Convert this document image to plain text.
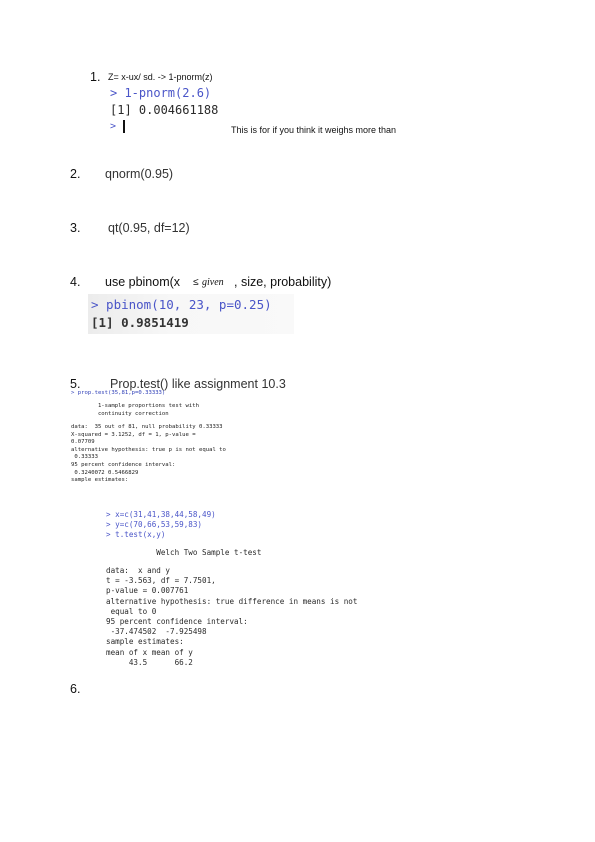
1. Z= x-ux/ sd. -> 1-pnorm(z)
> 1-pnorm(2.6)
[1] 0.004661188
>	This is for if you think it weighs more than
2. qnorm(0.95)
3. qt(0.95, df=12)
4. use pbinom(x ≤ given , size, probability)
> pbinom(10, 23, p=0.25)
[1] 0.9851419
5. Prop.test() like assignment 10.3
> prop.test(35,81,p=0.33333)
1-sample proportions test with
continuity correction
data:  35 out of 81, null probability 0.33333
X-squared = 3.1252, df = 1, p-value =
0.07709
alternative hypothesis: true p is not equal to
0.33333
95 percent confidence interval:
0.3240072 0.5466829
sample estimates:
> x=c(31,41,38,44,58,49)
> y=c(70,66,53,59,83)
> t.test(x,y)
Welch Two Sample t-test
data:  x and y
t = -3.563, df = 7.7501,
p-value = 0.007761
alternative hypothesis: true difference in means is not
equal to 0
95 percent confidence interval:
-37.474502  -7.925498
sample estimates:
mean of x mean of y
43.5      66.2
6.
